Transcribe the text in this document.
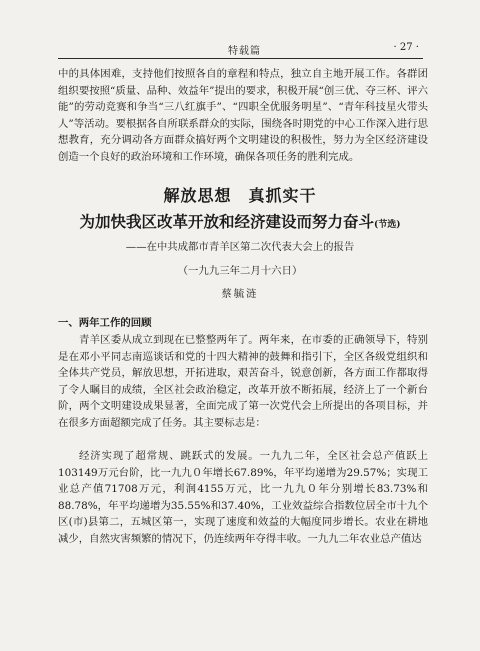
特载篇	· 27 ·

中的具体困难，支持他们按照各自的章程和特点，独立自主地开展工作。各群团组织要按照“质量、品种、效益年”提出的要求，积极开展“创三优、夺三杯、评六能”的劳动竞赛和争当“三八红旗手”、“四职全优服务明星”、“青年科技星火带头人”等活动。要根据各自所联系群众的实际，围绕各时期党的中心工作深入进行思想教育，充分调动各方面群众搞好两个文明建设的积极性，努力为全区经济建设创造一个良好的政治环境和工作环境，确保各项任务的胜利完成。

解放思想　真抓实干
为加快我区改革开放和经济建设而努力奋斗(节选)
——在中共成都市青羊区第二次代表大会上的报告
（一九九三年二月十六日）
蔡毓涟
一、两年工作的回顾

青羊区委从成立到现在已整整两年了。两年来，在市委的正确领导下，特别是在邓小平同志南巡谈话和党的十四大精神的鼓舞和指引下，全区各级党组织和全体共产党员，解放思想，开拓进取，艰苦奋斗，锐意创新，各方面工作都取得了令人瞩目的成绩，全区社会政治稳定，改革开放不断拓展，经济上了一个新台阶，两个文明建设成果显著，全面完成了第一次党代会上所提出的各项目标，并在很多方面超额完成了任务。其主要标志是：

经济实现了超常规、跳跃式的发展。一九九二年，全区社会总产值跃上103149万元台阶，比一九九０年增长67.89%，年平均递增为29.57%；实现工业总产值71708万元，利润4155万元，比一九九０年分别增长83.73%和88.78%，年平均递增为35.55%和37.40%，工业效益综合指数位居全市十九个区(市)县第二，五城区第一，实现了速度和效益的大幅度同步增长。农业在耕地减少，自然灾害频繁的情况下，仍连续两年夺得丰收。一九九二年农业总产值达
